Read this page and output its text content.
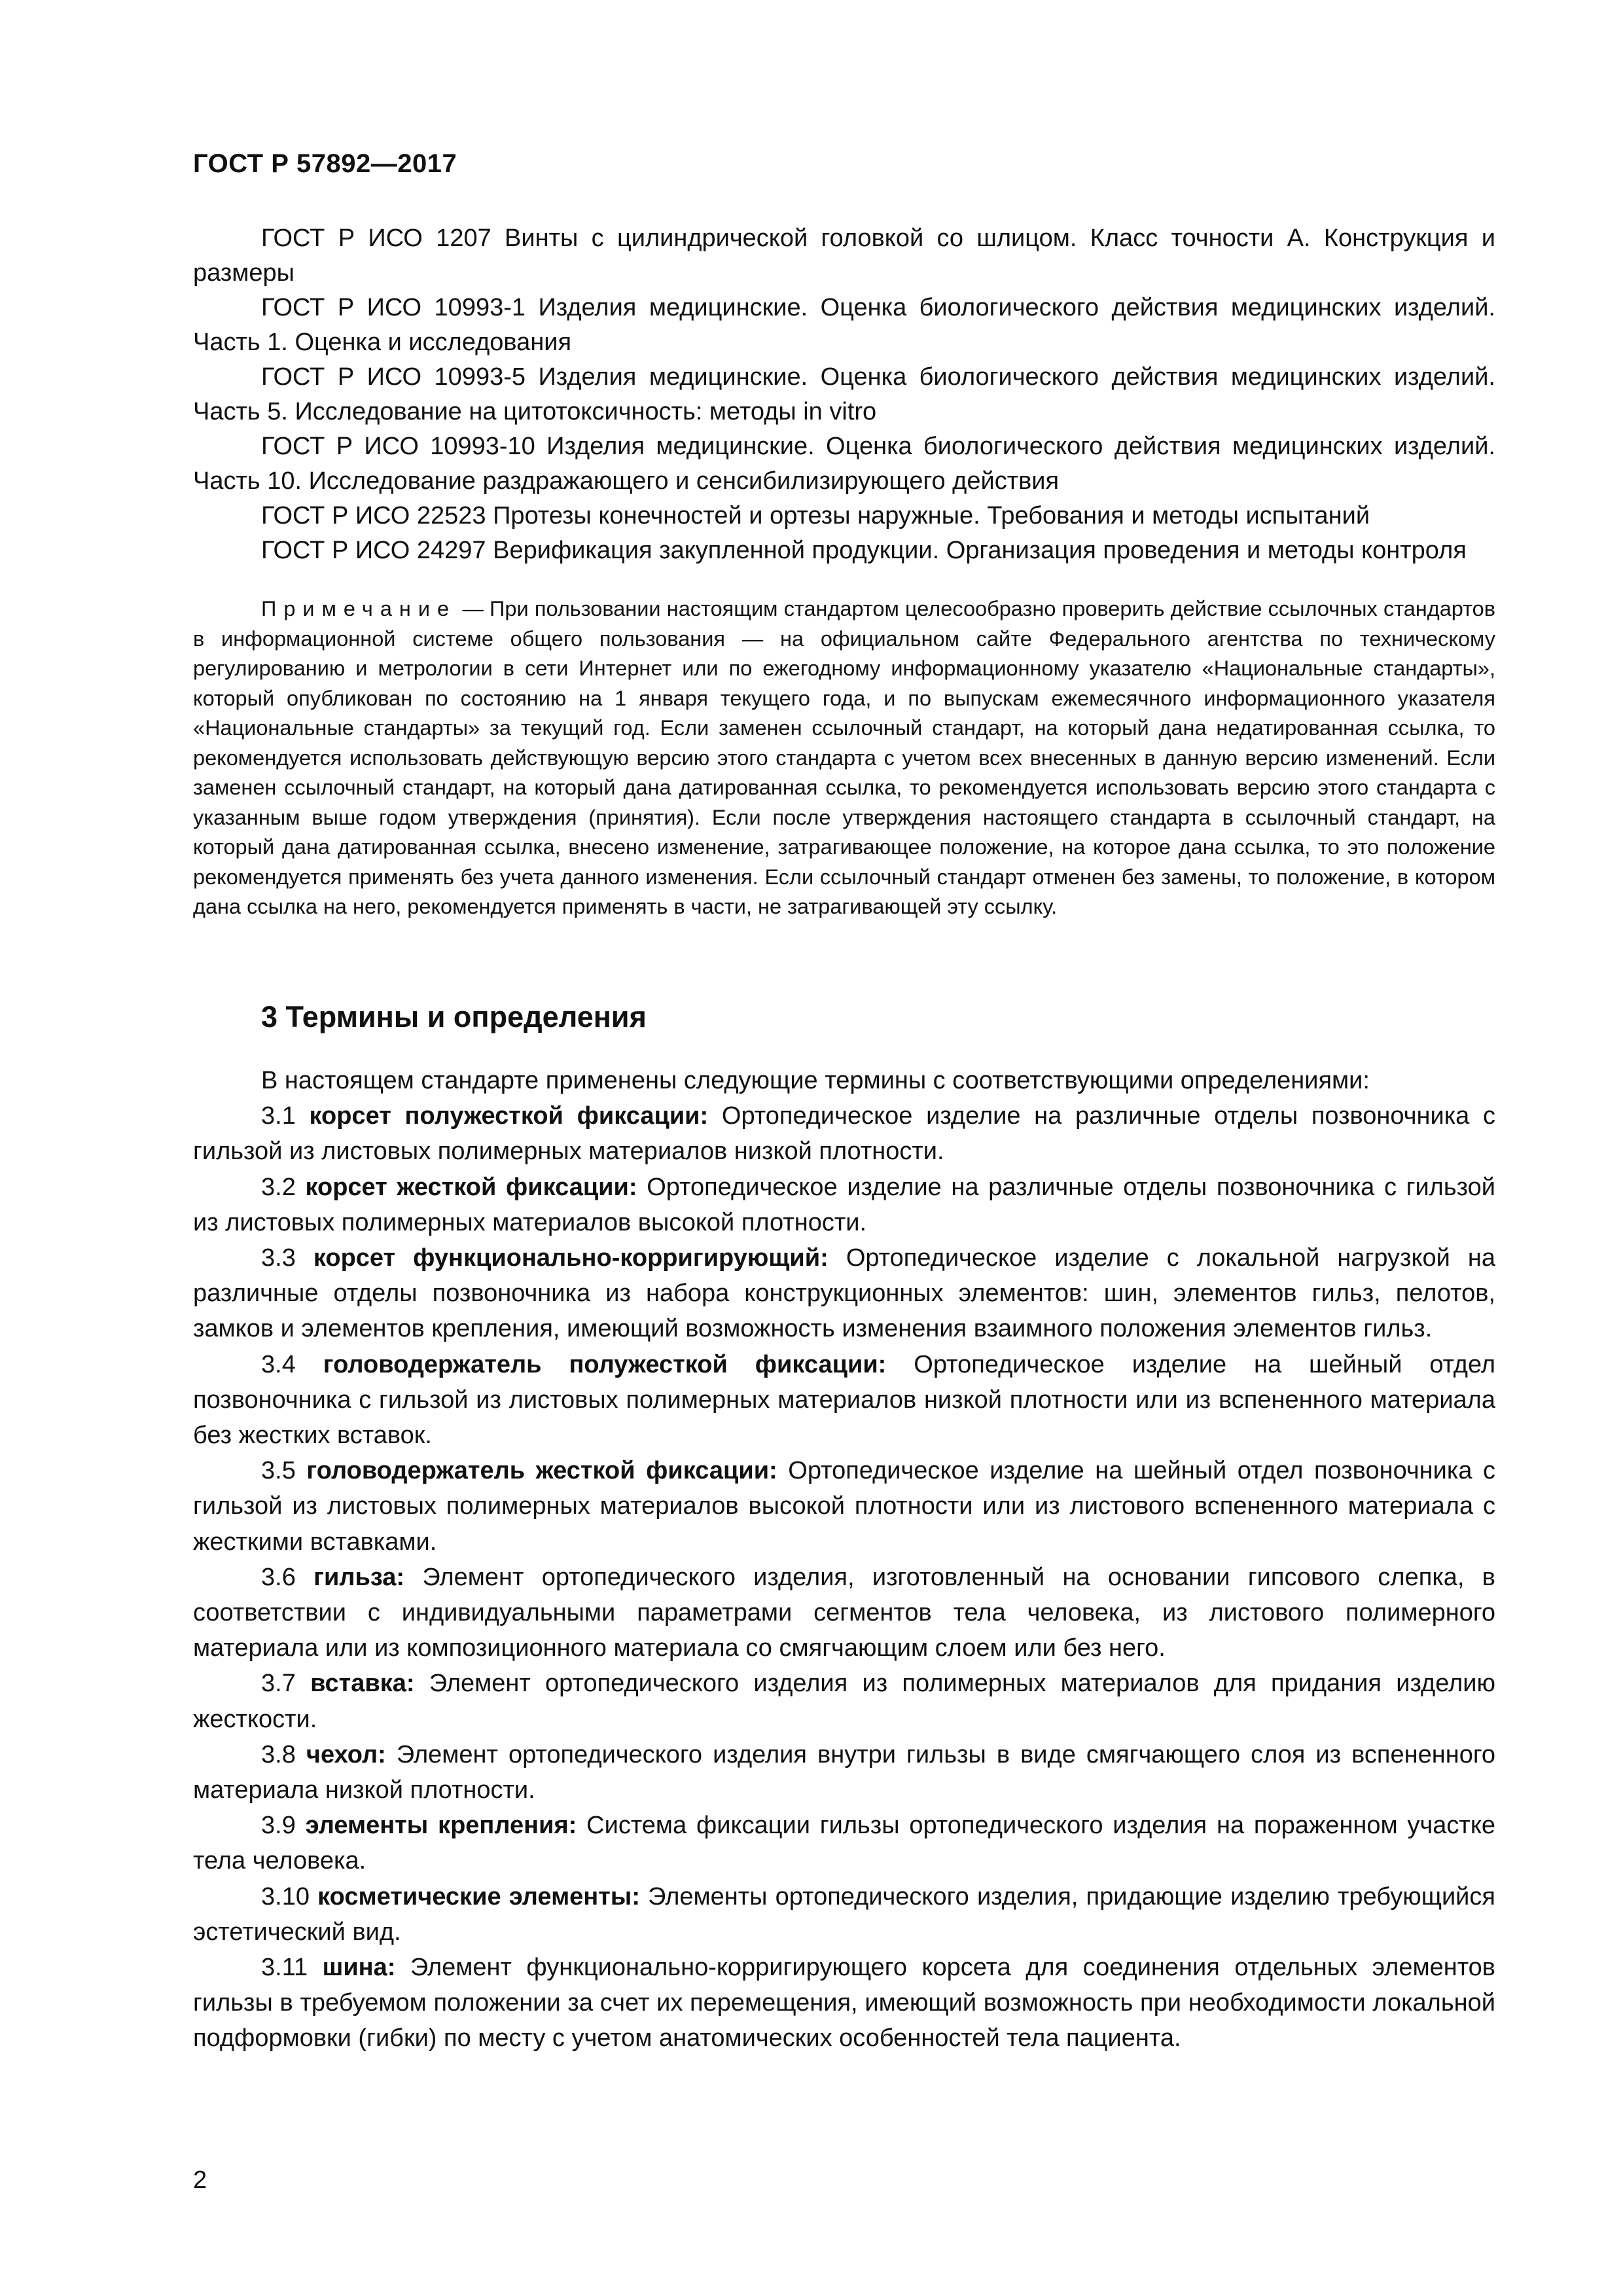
ГОСТ Р 57892—2017

ГОСТ Р ИСО 1207 Винты с цилиндрической головкой со шлицом. Класс точности А. Конструкция и размеры

ГОСТ Р ИСО 10993-1 Изделия медицинские. Оценка биологического действия медицинских изделий. Часть 1. Оценка и исследования

ГОСТ Р ИСО 10993-5 Изделия медицинские. Оценка биологического действия медицинских изделий. Часть 5. Исследование на цитотоксичность: методы in vitro

ГОСТ Р ИСО 10993-10 Изделия медицинские. Оценка биологического действия медицинских изделий. Часть 10. Исследование раздражающего и сенсибилизирующего действия

ГОСТ Р ИСО 22523 Протезы конечностей и ортезы наружные. Требования и методы испытаний

ГОСТ Р ИСО 24297 Верификация закупленной продукции. Организация проведения и методы контроля

Примечание — При пользовании настоящим стандартом целесообразно проверить действие ссылочных стандартов в информационной системе общего пользования — на официальном сайте Федерального агентства по техническому регулированию и метрологии в сети Интернет или по ежегодному информационному указателю «Национальные стандарты», который опубликован по состоянию на 1 января текущего года, и по выпускам ежемесячного информационного указателя «Национальные стандарты» за текущий год. Если заменен ссылочный стандарт, на который дана недатированная ссылка, то рекомендуется использовать действующую версию этого стандарта с учетом всех внесенных в данную версию изменений. Если заменен ссылочный стандарт, на который дана датированная ссылка, то рекомендуется использовать версию этого стандарта с указанным выше годом утверждения (принятия). Если после утверждения настоящего стандарта в ссылочный стандарт, на который дана датированная ссылка, внесено изменение, затрагивающее положение, на которое дана ссылка, то это положение рекомендуется применять без учета данного изменения. Если ссылочный стандарт отменен без замены, то положение, в котором дана ссылка на него, рекомендуется применять в части, не затрагивающей эту ссылку.

3 Термины и определения

В настоящем стандарте применены следующие термины с соответствующими определениями:

3.1 корсет полужесткой фиксации: Ортопедическое изделие на различные отделы позвоночника с гильзой из листовых полимерных материалов низкой плотности.

3.2 корсет жесткой фиксации: Ортопедическое изделие на различные отделы позвоночника с гильзой из листовых полимерных материалов высокой плотности.

3.3 корсет функционально-корригирующий: Ортопедическое изделие с локальной нагрузкой на различные отделы позвоночника из набора конструкционных элементов: шин, элементов гильз, пелотов, замков и элементов крепления, имеющий возможность изменения взаимного положения элементов гильз.

3.4 головодержатель полужесткой фиксации: Ортопедическое изделие на шейный отдел позвоночника с гильзой из листовых полимерных материалов низкой плотности или из вспененного материала без жестких вставок.

3.5 головодержатель жесткой фиксации: Ортопедическое изделие на шейный отдел позвоночника с гильзой из листовых полимерных материалов высокой плотности или из листового вспененного материала с жесткими вставками.

3.6 гильза: Элемент ортопедического изделия, изготовленный на основании гипсового слепка, в соответствии с индивидуальными параметрами сегментов тела человека, из листового полимерного материала или из композиционного материала со смягчающим слоем или без него.

3.7 вставка: Элемент ортопедического изделия из полимерных материалов для придания изделию жесткости.

3.8 чехол: Элемент ортопедического изделия внутри гильзы в виде смягчающего слоя из вспененного материала низкой плотности.

3.9 элементы крепления: Система фиксации гильзы ортопедического изделия на пораженном участке тела человека.

3.10 косметические элементы: Элементы ортопедического изделия, придающие изделию требующийся эстетический вид.

3.11 шина: Элемент функционально-корригирующего корсета для соединения отдельных элементов гильзы в требуемом положении за счет их перемещения, имеющий возможность при необходимости локальной подформовки (гибки) по месту с учетом анатомических особенностей тела пациента.

2
